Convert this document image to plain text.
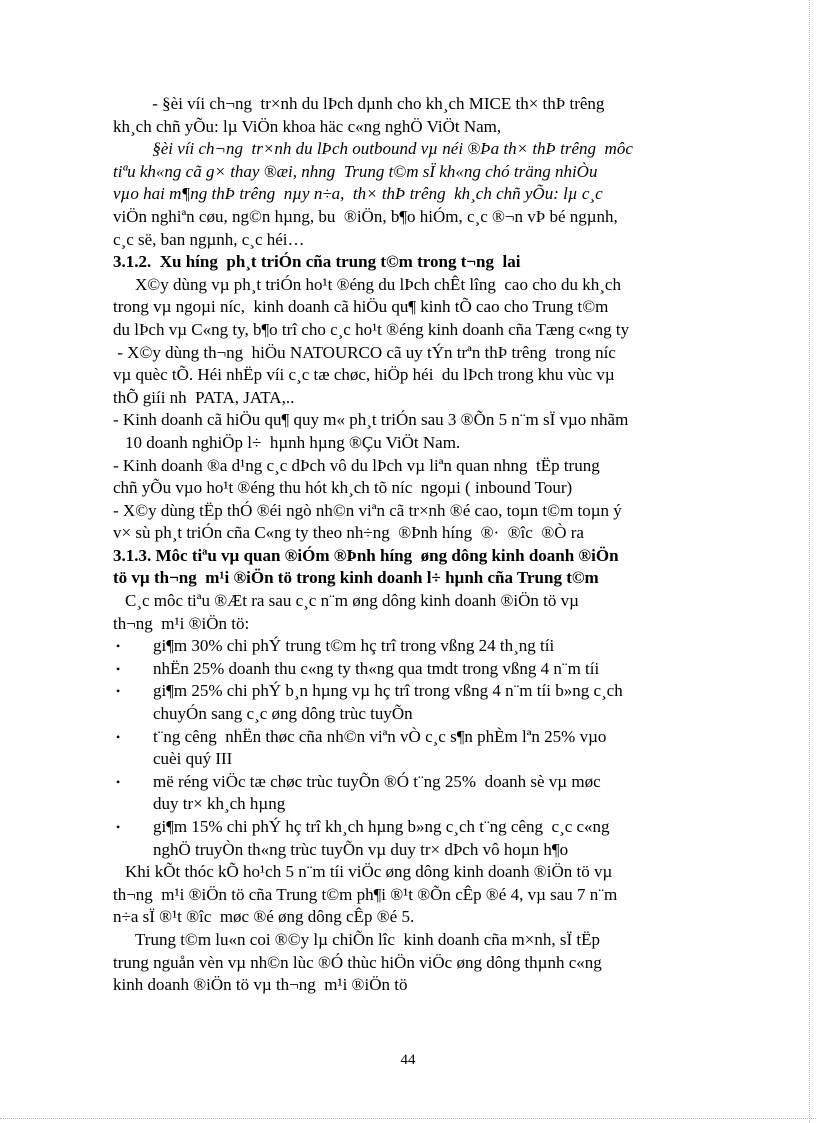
- §èi víi ch¬ng  tr×nh du lÞch dµnh cho kh¸ch MICE th× thÞ trêng
kh¸ch chñ yÕu: lµ ViÖn khoa häc c«ng nghÖ ViÖt Nam,
§èi víi ch¬ng  tr×nh du lÞch outbound vµ néi ®Þa th× thÞ trêng  môc
tiªu kh«ng cã g× thay ®æi, nhng  Trung t©m sÏ kh«ng chó träng nhiÒu
vµo hai m¶ng thÞ trêng  nµy n÷a,  th× thÞ trêng  kh¸ch chñ yÕu: lµ c¸c
viÖn nghiªn cøu, ng©n hµng, bu  ®iÖn, b¶o hiÓm, c¸c ®¬n vÞ bé ngµnh,
c¸c së, ban ngµnh, c¸c héi…
3.1.2.  Xu híng  ph¸t triÓn cña trung t©m trong t¬ng  lai
X©y dùng vµ ph¸t triÓn ho¹t ®éng du lÞch chÊt lîng  cao cho du kh¸ch
trong vµ ngoµi níc,  kinh doanh cã hiÖu qu¶ kinh tÕ cao cho Trung t©m
du lÞch vµ C«ng ty, b¶o trî cho c¸c ho¹t ®éng kinh doanh cña Tæng c«ng ty
- X©y dùng th¬ng  hiÖu NATOURCO cã uy tÝn trªn thÞ trêng  trong níc
vµ quèc tÕ. Héi nhËp víi c¸c tæ chøc, hiÖp héi  du lÞch trong khu vùc vµ
thÕ giíi nh  PATA, JATA,..
- Kinh doanh cã hiÖu qu¶ quy m« ph¸t triÓn sau 3 ®Õn 5 n¨m sÏ vµo nhãm
10 doanh nghiÖp l÷  hµnh hµng ®Çu ViÖt Nam.
- Kinh doanh ®a d¹ng c¸c dÞch vô du lÞch vµ liªn quan nhng  tËp trung
chñ yÕu vµo ho¹t ®éng thu hót kh¸ch tõ níc  ngoµi ( inbound Tour)
- X©y dùng tËp thÓ ®éi ngò nh©n viªn cã tr×nh ®é cao, toµn t©m toµn ý
v× sù ph¸t triÓn cña C«ng ty theo nh÷ng  ®Þnh híng  ®·  ®îc  ®Ò ra
3.1.3. Môc tiªu vµ quan ®iÓm ®Þnh híng  øng dông kinh doanh ®iÖn
tö vµ th¬ng  m¹i ®iÖn tö trong kinh doanh l÷ hµnh cña Trung t©m
C¸c môc tiªu ®Æt ra sau c¸c n¨m øng dông kinh doanh ®iÖn tö vµ
th¬ng  m¹i ®iÖn tö:
•	gi¶m 30% chi phÝ trung t©m hç trî trong vßng 24 th¸ng tíi
•	nhËn 25% doanh thu c«ng ty th«ng qua tmdt trong vßng 4 n¨m tíi
•	gi¶m 25% chi phÝ b¸n hµng vµ hç trî trong vßng 4 n¨m tíi b»ng c¸ch
chuyÓn sang c¸c øng dông trùc tuyÕn
•	t¨ng cêng  nhËn thøc cña nh©n viªn vÒ c¸c s¶n phÈm lªn 25% vµo
cuèi quý III
•	më réng viÖc tæ chøc trùc tuyÕn ®Ó t¨ng 25%  doanh sè vµ møc
duy tr× kh¸ch hµng
•	gi¶m 15% chi phÝ hç trî kh¸ch hµng b»ng c¸ch t¨ng cêng  c¸c c«ng
nghÖ truyÒn th«ng trùc tuyÕn vµ duy tr× dÞch vô hoµn h¶o
Khi kÕt thóc kÕ ho¹ch 5 n¨m tíi viÖc øng dông kinh doanh ®iÖn tö vµ
th¬ng  m¹i ®iÖn tö cña Trung t©m ph¶i ®¹t ®Õn cÊp ®é 4, vµ sau 7 n¨m
n÷a sÏ ®¹t ®îc  møc ®é øng dông cÊp ®é 5.
Trung t©m lu«n coi ®©y lµ chiÕn lîc  kinh doanh cña m×nh, sÏ tËp
trung nguån vèn vµ nh©n lùc ®Ó thùc hiÖn viÖc øng dông thµnh c«ng
kinh doanh ®iÖn tö vµ th¬ng  m¹i ®iÖn tö
44
